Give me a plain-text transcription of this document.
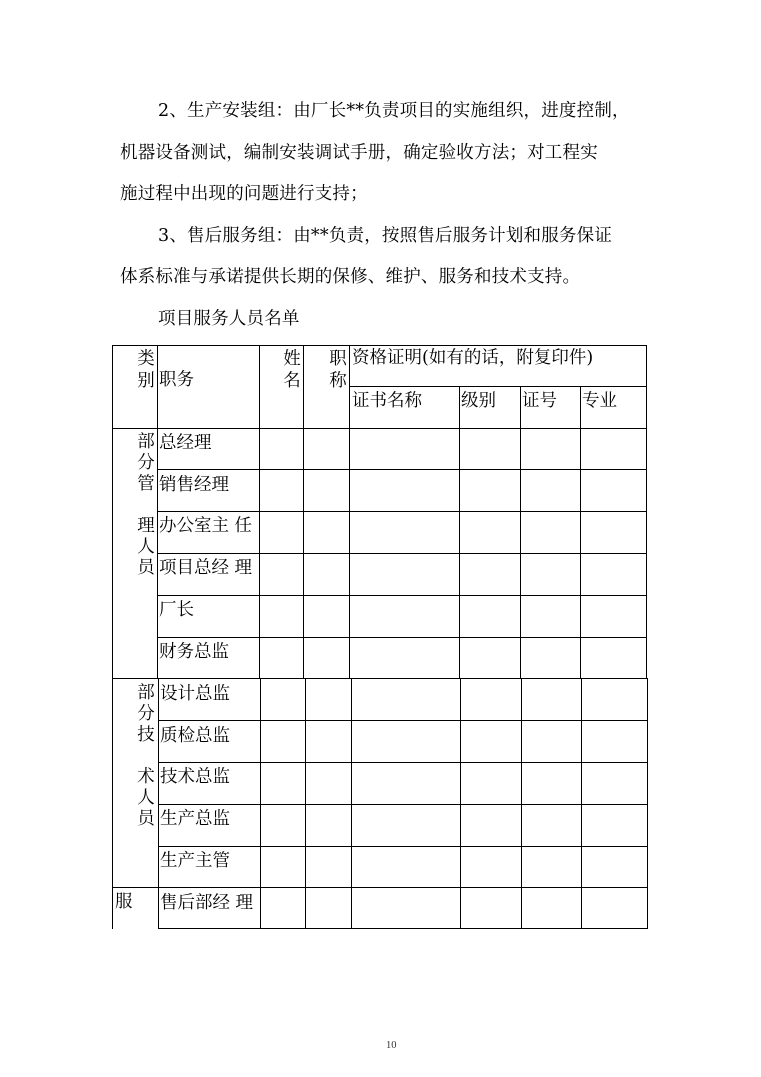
2、生产安装组：由厂长**负责项目的实施组织，进度控制，
机器设备测试，编制安装调试手册，确定验收方法；对工程实
施过程中出现的问题进行支持；
3、售后服务组：由**负责，按照售后服务计划和服务保证
体系标准与承诺提供长期的保修、维护、服务和技术支持。
项目服务人员名单
类
别 职务
姓
名
职
称
资格证明(如有的话，附复印件)
证书名称 级别 证号 专业
部
分
管
理
人
员
总经理
销售经理
办公室主 任
项目总经 理
厂长
财务总监
部
分
技
术
人
员
设计总监
质检总监
技术总监
生产总监
生产主管
服 售后部经 理
10
